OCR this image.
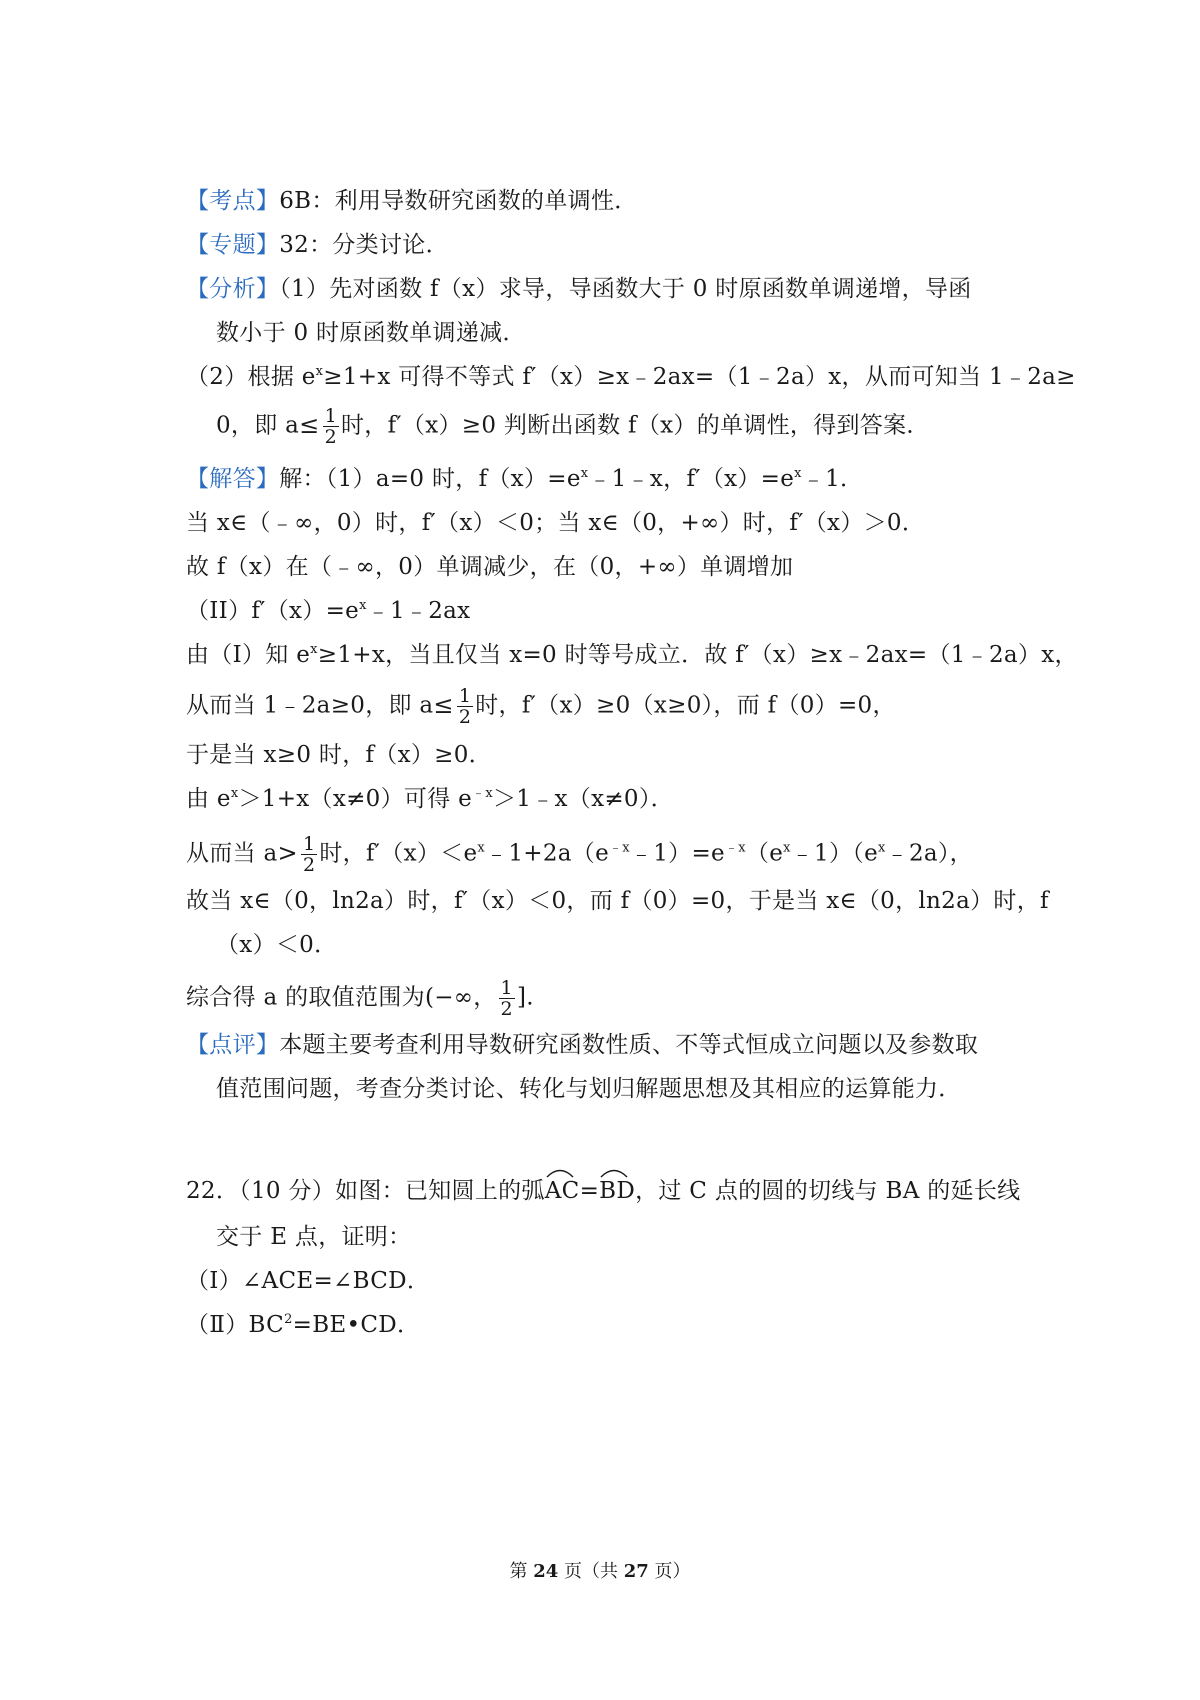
【考点】6B：利用导数研究函数的单调性．
【专题】32：分类讨论．
【分析】（1）先对函数 f（x）求导，导函数大于 0 时原函数单调递增，导函
数小于 0 时原函数单调递减．
（2）根据 $e^x\ge 1+x$ 可得不等式 f′（x）≥x﹣2ax=（1﹣2a）x，从而可知当 1﹣2a≥
0，即 $a\le \frac{1}{2}$ 时，f′（x）≥0 判断出函数 f（x）的单调性，得到答案．
【解答】解：（1）a=0 时，$f(x)=e^x﹣1﹣x$，$f'(x)=e^x﹣1$．
当 x∈（﹣∞，0）时，f′（x）＜0；当 x∈（0，+∞）时，f′（x）＞0．
故 f（x）在（﹣∞，0）单调减少，在（0，+∞）单调增加
$(II)f'(x)=e^x﹣1﹣2ax$
由（I）知 $e^x\ge 1+x$，当且仅当 x=0 时等号成立．故 f′（x）≥x﹣2ax=（1﹣2a）x，
从而当 1﹣2a≥0，即 $a\le \frac{1}{2}$ 时，f′（x）≥0（x≥0），而 f（0）=0，
于是当 x≥0 时，f（x）≥0．
由 $e^x>1+x(x\ne 0)$可得 $e^{﹣x}>1﹣x(x\ne 0)$．
从而当 $a> \frac{1}{2}$ 时，$f'(x)<e^x﹣1+2a(e^{﹣x}﹣1)=e^{﹣x}(e^x﹣1)(e^x﹣2a)$，
故当 x∈（0，ln2a）时，f′（x）＜0，而 f（0）=0，于是当 x∈（0，ln2a）时，f
（x）＜0．
综合得 a 的取值范围为(−∞， $\frac{1}{2}$ ].
【点评】本题主要考查利用导数研究函数性质、不等式恒成立问题以及参数取
值范围问题，考查分类讨论、转化与划归解题思想及其相应的运算能力．
22．（10 分）如图：已知圆上的弧
AC=
BD，过 C 点的圆的切线与 BA 的延长线
交于 E 点，证明：
（Ⅰ）∠ACE=∠BCD．
$(Ⅱ)BC^2=BE•CD$．
第 24 页（共 27 页）
